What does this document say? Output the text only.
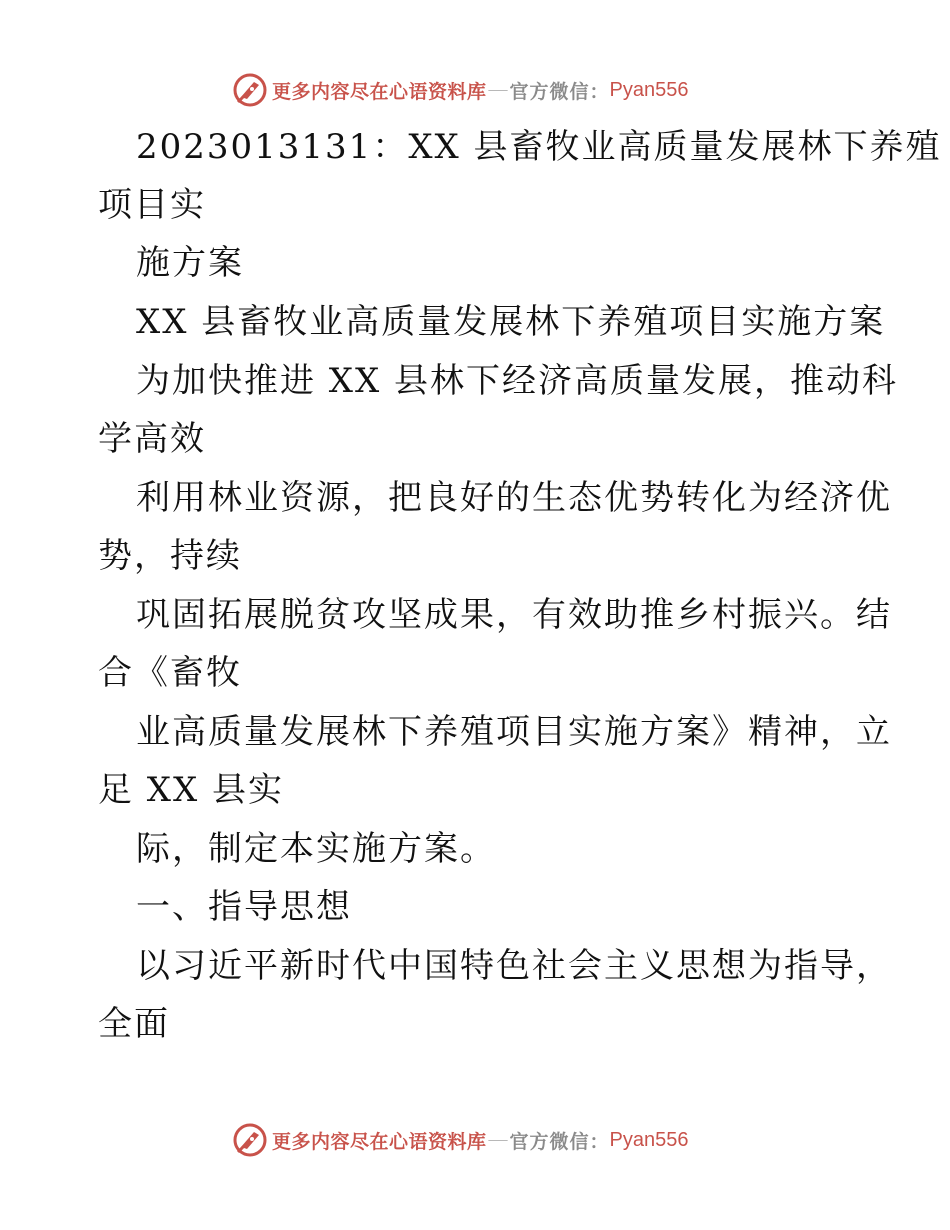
更多内容尽在心语资料库 — 官方微信： Pyan556
2023013131：XX 县畜牧业高质量发展林下养殖
项目实
施方案
XX 县畜牧业高质量发展林下养殖项目实施方案
为加快推进 XX 县林下经济高质量发展，推动科
学高效
利用林业资源，把良好的生态优势转化为经济优
势，持续
巩固拓展脱贫攻坚成果，有效助推乡村振兴。结
合《畜牧
业高质量发展林下养殖项目实施方案》精神，立
足 XX 县实
际，制定本实施方案。
一、指导思想
以习近平新时代中国特色社会主义思想为指导，
全面
更多内容尽在心语资料库 — 官方微信： Pyan556
